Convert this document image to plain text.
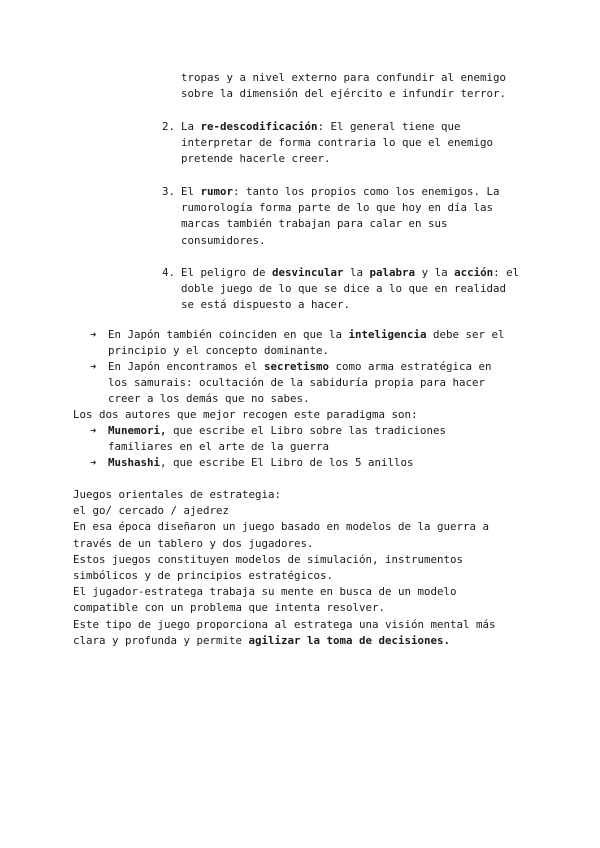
tropas y a nivel externo para confundir al enemigo
sobre la dimensión del ejército e infundir terror.
2. La re-descodificación: El general tiene que
interpretar de forma contraria lo que el enemigo
pretende hacerle creer.
3. El rumor: tanto los propios como los enemigos. La
rumorología forma parte de lo que hoy en día las
marcas también trabajan para calar en sus
consumidores.
4. El peligro de desvincular la palabra y la acción: el
doble juego de lo que se dice a lo que en realidad
se está dispuesto a hacer.
➔ En Japón también coinciden en que la inteligencia debe ser el
principio y el concepto dominante.
➔ En Japón encontramos el secretismo como arma estratégica en
los samurais: ocultación de la sabiduría propia para hacer
creer a los demás que no sabes.
Los dos autores que mejor recogen este paradigma son:
➔ Munemori, que escribe el Libro sobre las tradiciones
familiares en el arte de la guerra
➔ Mushashi, que escribe El Libro de los 5 anillos
Juegos orientales de estrategia:
el go/ cercado / ajedrez
En esa época diseñaron un juego basado en modelos de la guerra a
través de un tablero y dos jugadores.
Estos juegos constituyen modelos de simulación, instrumentos
simbólicos y de principios estratégicos.
El jugador-estratega trabaja su mente en busca de un modelo
compatible con un problema que intenta resolver.
Este tipo de juego proporciona al estratega una visión mental más
clara y profunda y permite agilizar la toma de decisiones.
